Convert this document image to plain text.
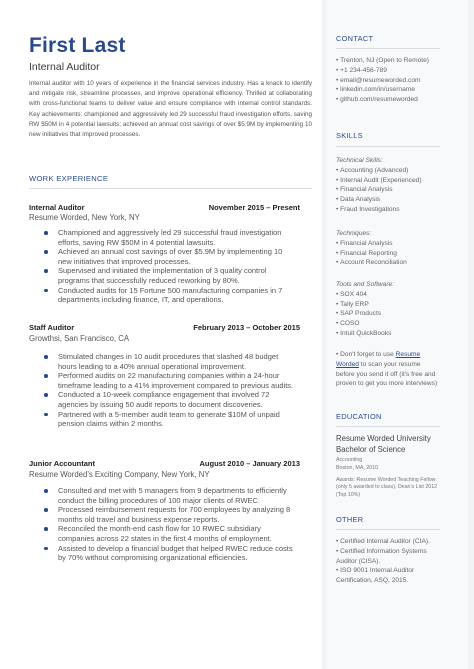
First Last
Internal Auditor

Internal auditor with 10 years of experience in the financial services industry. Has a knack to identify and mitigate risk, streamline processes, and improve operational efficiency. Thrilled at collaborating with cross-functional teams to deliver value and ensure compliance with internal control standards. Key achievements: championed and aggressively led 29 successful fraud investigation efforts, saving RW $50M in 4 potential lawsuits; achieved an annual cost savings of over $5.9M by implementing 10 new initiatives that improved processes.

WORK EXPERIENCE
Internal Auditor	November 2015 – Present
Resume Worded, New York, NY
Championed and aggressively led 29 successful fraud investigation efforts, saving RW $50M in 4 potential lawsuits.
Achieved an annual cost savings of over $5.9M by implementing 10 new initiatives that improved processes.
Supervised and initiated the implementation of 3 quality control programs that successfully reduced reworking by 80%.
Conducted audits for 15 Fortune 500 manufacturing companies in 7 departments including finance, IT, and operations.
Staff Auditor	February 2013 – October 2015
Growthsi, San Francisco, CA
Stimulated changes in 10 audit procedures that slashed 48 budget hours leading to a 40% annual operational improvement.
Performed audits on 22 manufacturing companies within a 24-hour timeframe leading to a 41% improvement compared to previous audits.
Conducted a 10-week compliance engagement that involved 72 agencies by issuing 50 audit reports to document discoveries.
Partnered with a 5-member audit team to generate $10M of unpaid pension claims within 2 months.
Junior Accountant	August 2010 – January 2013
Resume Worded's Exciting Company, New York, NY
Consulted and met with 5 managers from 9 departments to efficiently conduct the billing procedures of 100 major clients of RWEC.
Processed reimbursement requests for 700 employees by analyzing 8 months old travel and business expense reports.
Reconciled the month-end cash flow for 10 RWEC subsidiary companies across 22 states in the first 4 months of employment.
Assisted to develop a financial budget that helped RWEC reduce costs by 70% without compromising organizational efficiencies.
CONTACT
• Trenton, NJ (Open to Remote)
• +1 234-456-789
• email@resumeworded.com
• linkedin.com/in/username
• github.com/resumeworded
SKILLS
Technical Skills:
• Accounting (Advanced)
• Internal Audit (Experienced)
• Financial Analysis
• Data Analysis
• Fraud Investigations
Techniques:
• Financial Analysis
• Financial Reporting
• Account Reconciliation
Tools and Software:
• SOX 404
• Tally ERP
• SAP Products
• COSO
• Intuit QuickBooks
• Don't forget to use Resume Worded to scan your resume before you send it off (it's free and proven to get you more interviews)
EDUCATION
Resume Worded University
Bachelor of Science
Accounting
Boston, MA, 2010
Awards: Resume Worded Teaching Fellow (only 5 awarded to class), Dean's List 2012 (Top 10%)
OTHER
• Certified Internal Auditor (CIA).
• Certified Information Systems Auditor (CISA).
• ISO 9001 Internal Auditor Certification, ASQ, 2015.
